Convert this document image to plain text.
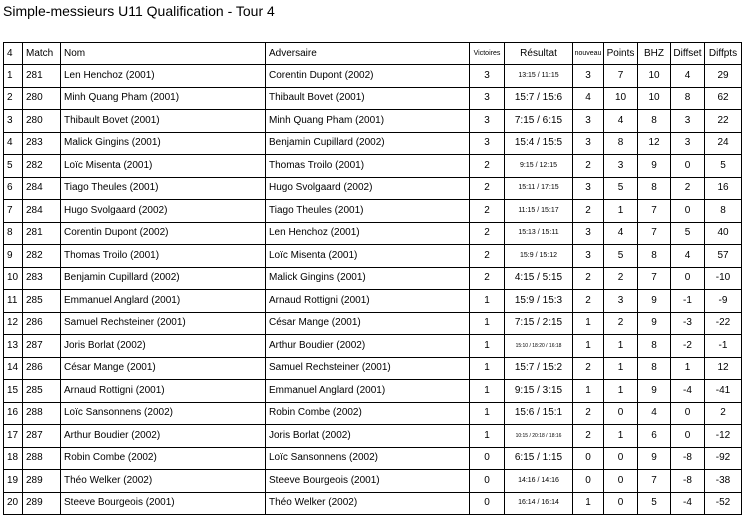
Simple-messieurs U11 Qualification - Tour 4
4	Match	Nom	Adversaire	Victoires	Résultat	nouveau	Points	BHZ	Diffset	Diffpts
1	281	Len Henchoz (2001)	Corentin Dupont (2002)	3	13:15 / 11:15	3	7	10	4	29
2	280	Minh Quang Pham (2001)	Thibault Bovet (2001)	3	15:7 / 15:6	4	10	10	8	62
3	280	Thibault Bovet (2001)	Minh Quang Pham (2001)	3	7:15 / 6:15	3	4	8	3	22
4	283	Malick Gingins (2001)	Benjamin Cupillard (2002)	3	15:4 / 15:5	3	8	12	3	24
5	282	Loïc Misenta (2001)	Thomas Troilo (2001)	2	9:15 / 12:15	2	3	9	0	5
6	284	Tiago Theules (2001)	Hugo Svolgaard (2002)	2	15:11 / 17:15	3	5	8	2	16
7	284	Hugo Svolgaard (2002)	Tiago Theules (2001)	2	11:15 / 15:17	2	1	7	0	8
8	281	Corentin Dupont (2002)	Len Henchoz (2001)	2	15:13 / 15:11	3	4	7	5	40
9	282	Thomas Troilo (2001)	Loïc Misenta (2001)	2	15:9 / 15:12	3	5	8	4	57
10	283	Benjamin Cupillard (2002)	Malick Gingins (2001)	2	4:15 / 5:15	2	2	7	0	-10
11	285	Emmanuel Anglard (2001)	Arnaud Rottigni (2001)	1	15:9 / 15:3	2	3	9	-1	-9
12	286	Samuel Rechsteiner (2001)	César Mange (2001)	1	7:15 / 2:15	1	2	9	-3	-22
13	287	Joris Borlat (2002)	Arthur Boudier (2002)	1	15:10 / 18:20 / 16:18	1	1	8	-2	-1
14	286	César Mange (2001)	Samuel Rechsteiner (2001)	1	15:7 / 15:2	2	1	8	1	12
15	285	Arnaud Rottigni (2001)	Emmanuel Anglard (2001)	1	9:15 / 3:15	1	1	9	-4	-41
16	288	Loïc Sansonnens (2002)	Robin Combe (2002)	1	15:6 / 15:1	2	0	4	0	2
17	287	Arthur Boudier (2002)	Joris Borlat (2002)	1	10:15 / 20:18 / 18:16	2	1	6	0	-12
18	288	Robin Combe (2002)	Loïc Sansonnens (2002)	0	6:15 / 1:15	0	0	9	-8	-92
19	289	Théo Welker (2002)	Steeve Bourgeois (2001)	0	14:16 / 14:16	0	0	7	-8	-38
20	289	Steeve Bourgeois (2001)	Théo Welker (2002)	0	16:14 / 16:14	1	0	5	-4	-52
